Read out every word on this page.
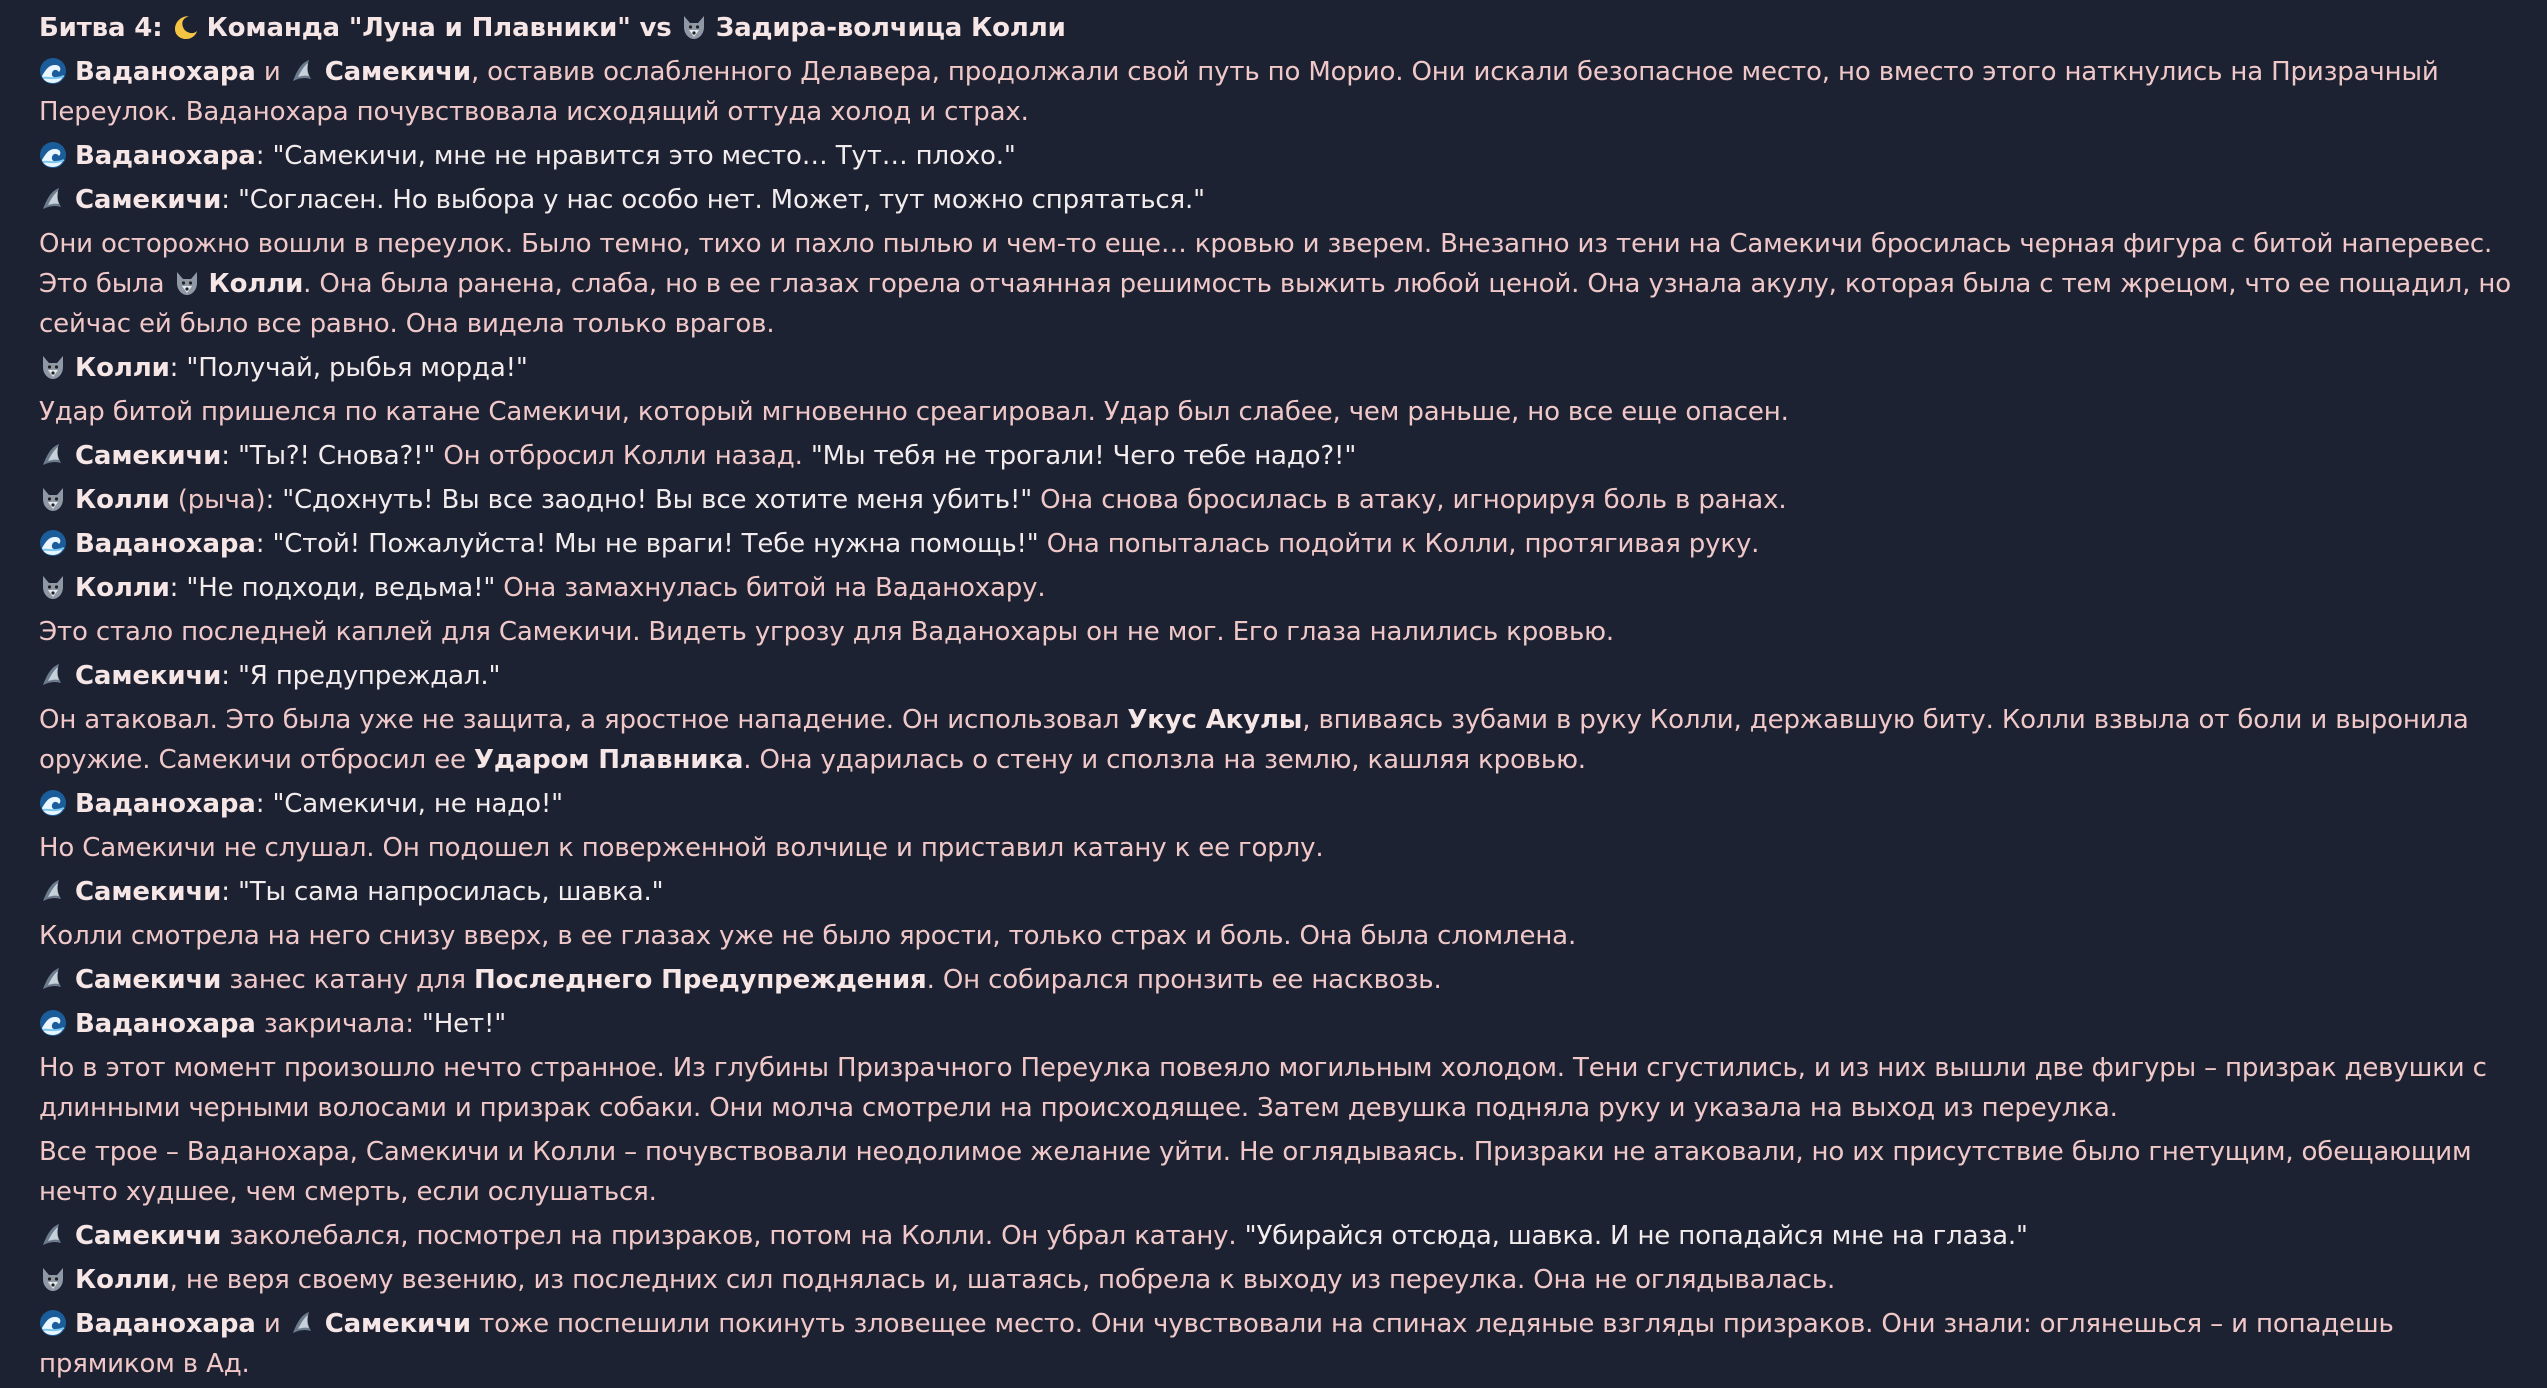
Битва 4: Команда "Луна и Плавники" vs Задира-волчица Колли
Ваданохара и
Самекичи, оставив ослабленного Делавера, продолжали свой путь по Морио. Они искали безопасное место, но вместо этого наткнулись на Призрачный Переулок. Ваданохара почувствовала исходящий оттуда холод и страх.
Ваданохара: "Самекичи, мне не нравится это место… Тут… плохо."
Самекичи: "Согласен. Но выбора у нас особо нет. Может, тут можно спрятаться."
Они осторожно вошли в переулок. Было темно, тихо и пахло пылью и чем-то еще… кровью и зверем. Внезапно из тени на Самекичи бросилась черная фигура с битой наперевес. Это была
Колли. Она была ранена, слаба, но в ее глазах горела отчаянная решимость выжить любой ценой. Она узнала акулу, которая была с тем жрецом, что ее пощадил, но сейчас ей было все равно. Она видела только врагов.
Колли: "Получай, рыбья морда!"
Удар битой пришелся по катане Самекичи, который мгновенно среагировал. Удар был слабее, чем раньше, но все еще опасен.
Самекичи: "Ты?! Снова?!" Он отбросил Колли назад. "Мы тебя не трогали! Чего тебе надо?!"
Колли (рыча): "Сдохнуть! Вы все заодно! Вы все хотите меня убить!" Она снова бросилась в атаку, игнорируя боль в ранах.
Ваданохара: "Стой! Пожалуйста! Мы не враги! Тебе нужна помощь!" Она попыталась подойти к Колли, протягивая руку.
Колли: "Не подходи, ведьма!" Она замахнулась битой на Ваданохару.
Это стало последней каплей для Самекичи. Видеть угрозу для Ваданохары он не мог. Его глаза налились кровью.
Самекичи: "Я предупреждал."
Он атаковал. Это была уже не защита, а яростное нападение. Он использовал Укус Акулы, впиваясь зубами в руку Колли, державшую биту. Колли взвыла от боли и выронила оружие. Самекичи отбросил ее Ударом Плавника. Она ударилась о стену и сползла на землю, кашляя кровью.
Ваданохара: "Самекичи, не надо!"
Но Самекичи не слушал. Он подошел к поверженной волчице и приставил катану к ее горлу.
Самекичи: "Ты сама напросилась, шавка."
Колли смотрела на него снизу вверх, в ее глазах уже не было ярости, только страх и боль. Она была сломлена.
Самекичи занес катану для Последнего Предупреждения. Он собирался пронзить ее насквозь.
Ваданохара закричала: "Нет!"
Но в этот момент произошло нечто странное. Из глубины Призрачного Переулка повеяло могильным холодом. Тени сгустились, и из них вышли две фигуры – призрак девушки с длинными черными волосами и призрак собаки. Они молча смотрели на происходящее. Затем девушка подняла руку и указала на выход из переулка.
Все трое – Ваданохара, Самекичи и Колли – почувствовали неодолимое желание уйти. Не оглядываясь. Призраки не атаковали, но их присутствие было гнетущим, обещающим нечто худшее, чем смерть, если ослушаться.
Самекичи заколебался, посмотрел на призраков, потом на Колли. Он убрал катану. "Убирайся отсюда, шавка. И не попадайся мне на глаза."
Колли, не веря своему везению, из последних сил поднялась и, шатаясь, побрела к выходу из переулка. Она не оглядывалась.
Ваданохара и
Самекичи тоже поспешили покинуть зловещее место. Они чувствовали на спинах ледяные взгляды призраков. Они знали: оглянешься – и попадешь прямиком в Ад.
